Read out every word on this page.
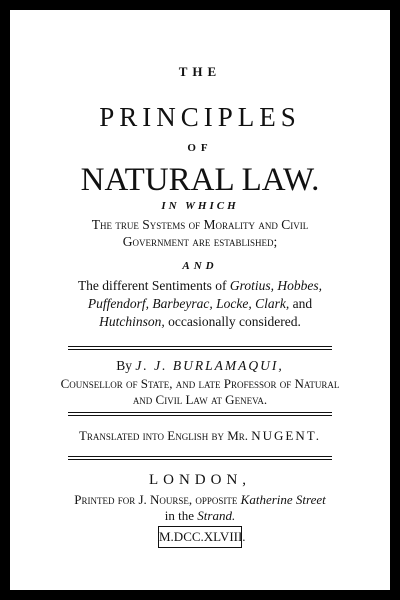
THE
PRINCIPLES
OF
NATURAL LAW.
IN WHICH
The true Systems of Morality and Civil
Government are established;
AND
The different Sentiments of Grotius, Hobbes,
Puffendorf, Barbeyrac, Locke, Clark, and
Hutchinson, occasionally considered.
By J. J. BURLAMAQUI,
Counsellor of State, and late Professor of Natural
and Civil Law at Geneva.
Translated into English by Mr. NUGENT.
LONDON,
Printed for J. Nourse, opposite Katherine Street
in the Strand.
M.DCC.XLVIII.
